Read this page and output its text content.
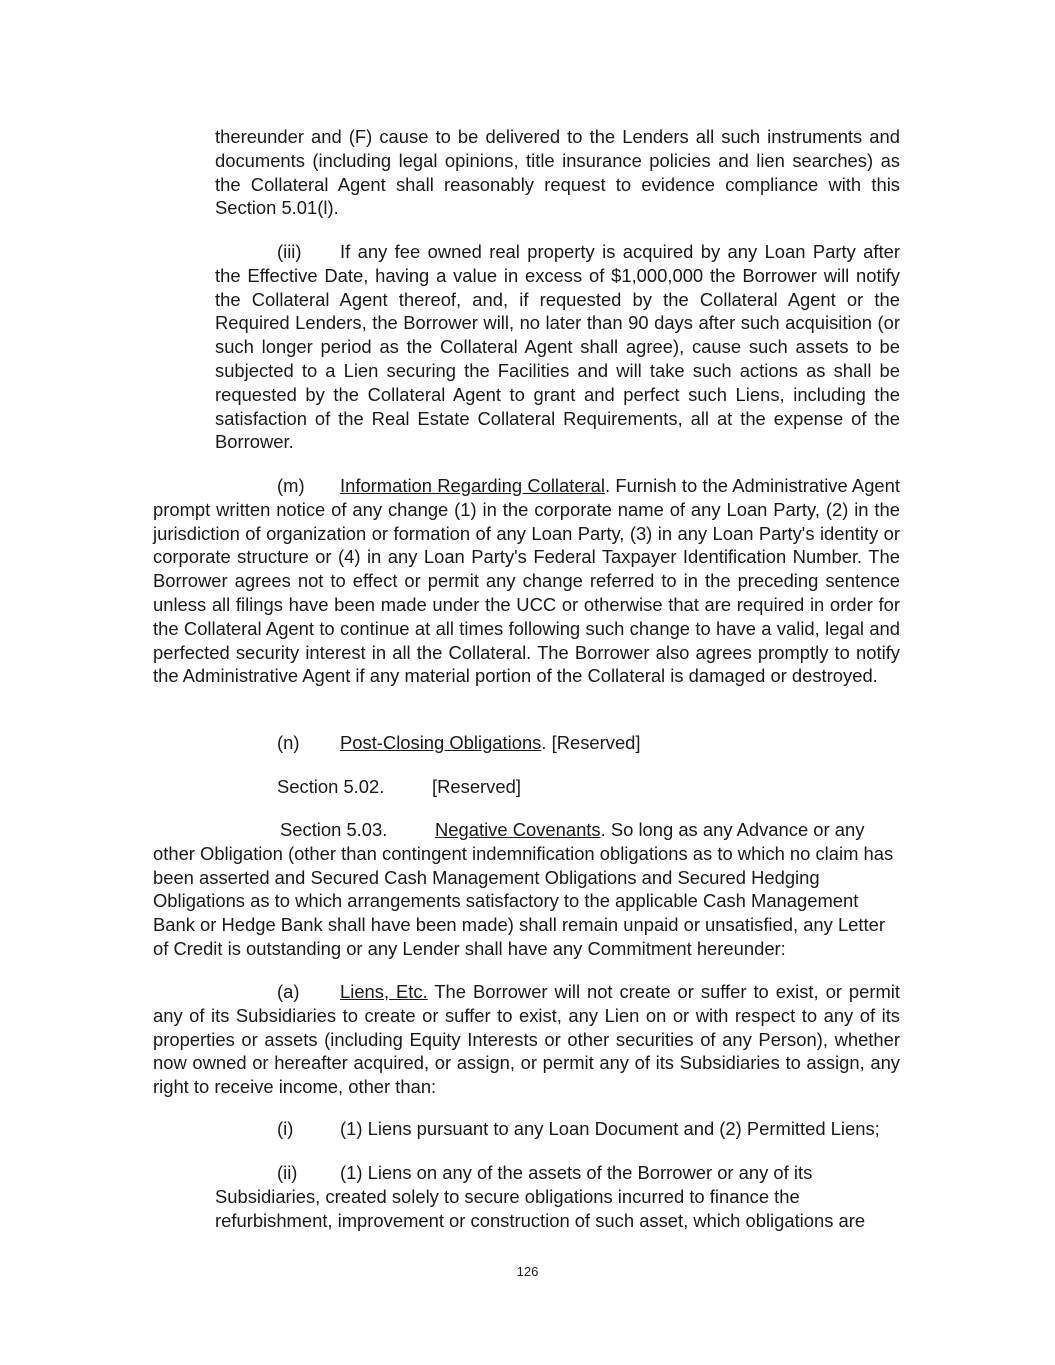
thereunder and (F) cause to be delivered to the Lenders all such instruments and documents (including legal opinions, title insurance policies and lien searches) as the Collateral Agent shall reasonably request to evidence compliance with this Section 5.01(l).

(iii) If any fee owned real property is acquired by any Loan Party after the Effective Date, having a value in excess of $1,000,000 the Borrower will notify the Collateral Agent thereof, and, if requested by the Collateral Agent or the Required Lenders, the Borrower will, no later than 90 days after such acquisition (or such longer period as the Collateral Agent shall agree), cause such assets to be subjected to a Lien securing the Facilities and will take such actions as shall be requested by the Collateral Agent to grant and perfect such Liens, including the satisfaction of the Real Estate Collateral Requirements, all at the expense of the Borrower.

(m) Information Regarding Collateral. Furnish to the Administrative Agent prompt written notice of any change (1) in the corporate name of any Loan Party, (2) in the jurisdiction of organization or formation of any Loan Party, (3) in any Loan Party's identity or corporate structure or (4) in any Loan Party's Federal Taxpayer Identification Number. The Borrower agrees not to effect or permit any change referred to in the preceding sentence unless all filings have been made under the UCC or otherwise that are required in order for the Collateral Agent to continue at all times following such change to have a valid, legal and perfected security interest in all the Collateral. The Borrower also agrees promptly to notify the Administrative Agent if any material portion of the Collateral is damaged or destroyed.

(n) Post-Closing Obligations. [Reserved]
Section 5.02.	[Reserved]

Section 5.03.	Negative Covenants. So long as any Advance or any other Obligation (other than contingent indemnification obligations as to which no claim has been asserted and Secured Cash Management Obligations and Secured Hedging Obligations as to which arrangements satisfactory to the applicable Cash Management Bank or Hedge Bank shall have been made) shall remain unpaid or unsatisfied, any Letter of Credit is outstanding or any Lender shall have any Commitment hereunder:

(a) Liens, Etc. The Borrower will not create or suffer to exist, or permit any of its Subsidiaries to create or suffer to exist, any Lien on or with respect to any of its properties or assets (including Equity Interests or other securities of any Person), whether now owned or hereafter acquired, or assign, or permit any of its Subsidiaries to assign, any right to receive income, other than:

(i)	(1) Liens pursuant to any Loan Document and (2) Permitted Liens;

(ii) (1) Liens on any of the assets of the Borrower or any of its Subsidiaries, created solely to secure obligations incurred to finance the refurbishment, improvement or construction of such asset, which obligations are

126
